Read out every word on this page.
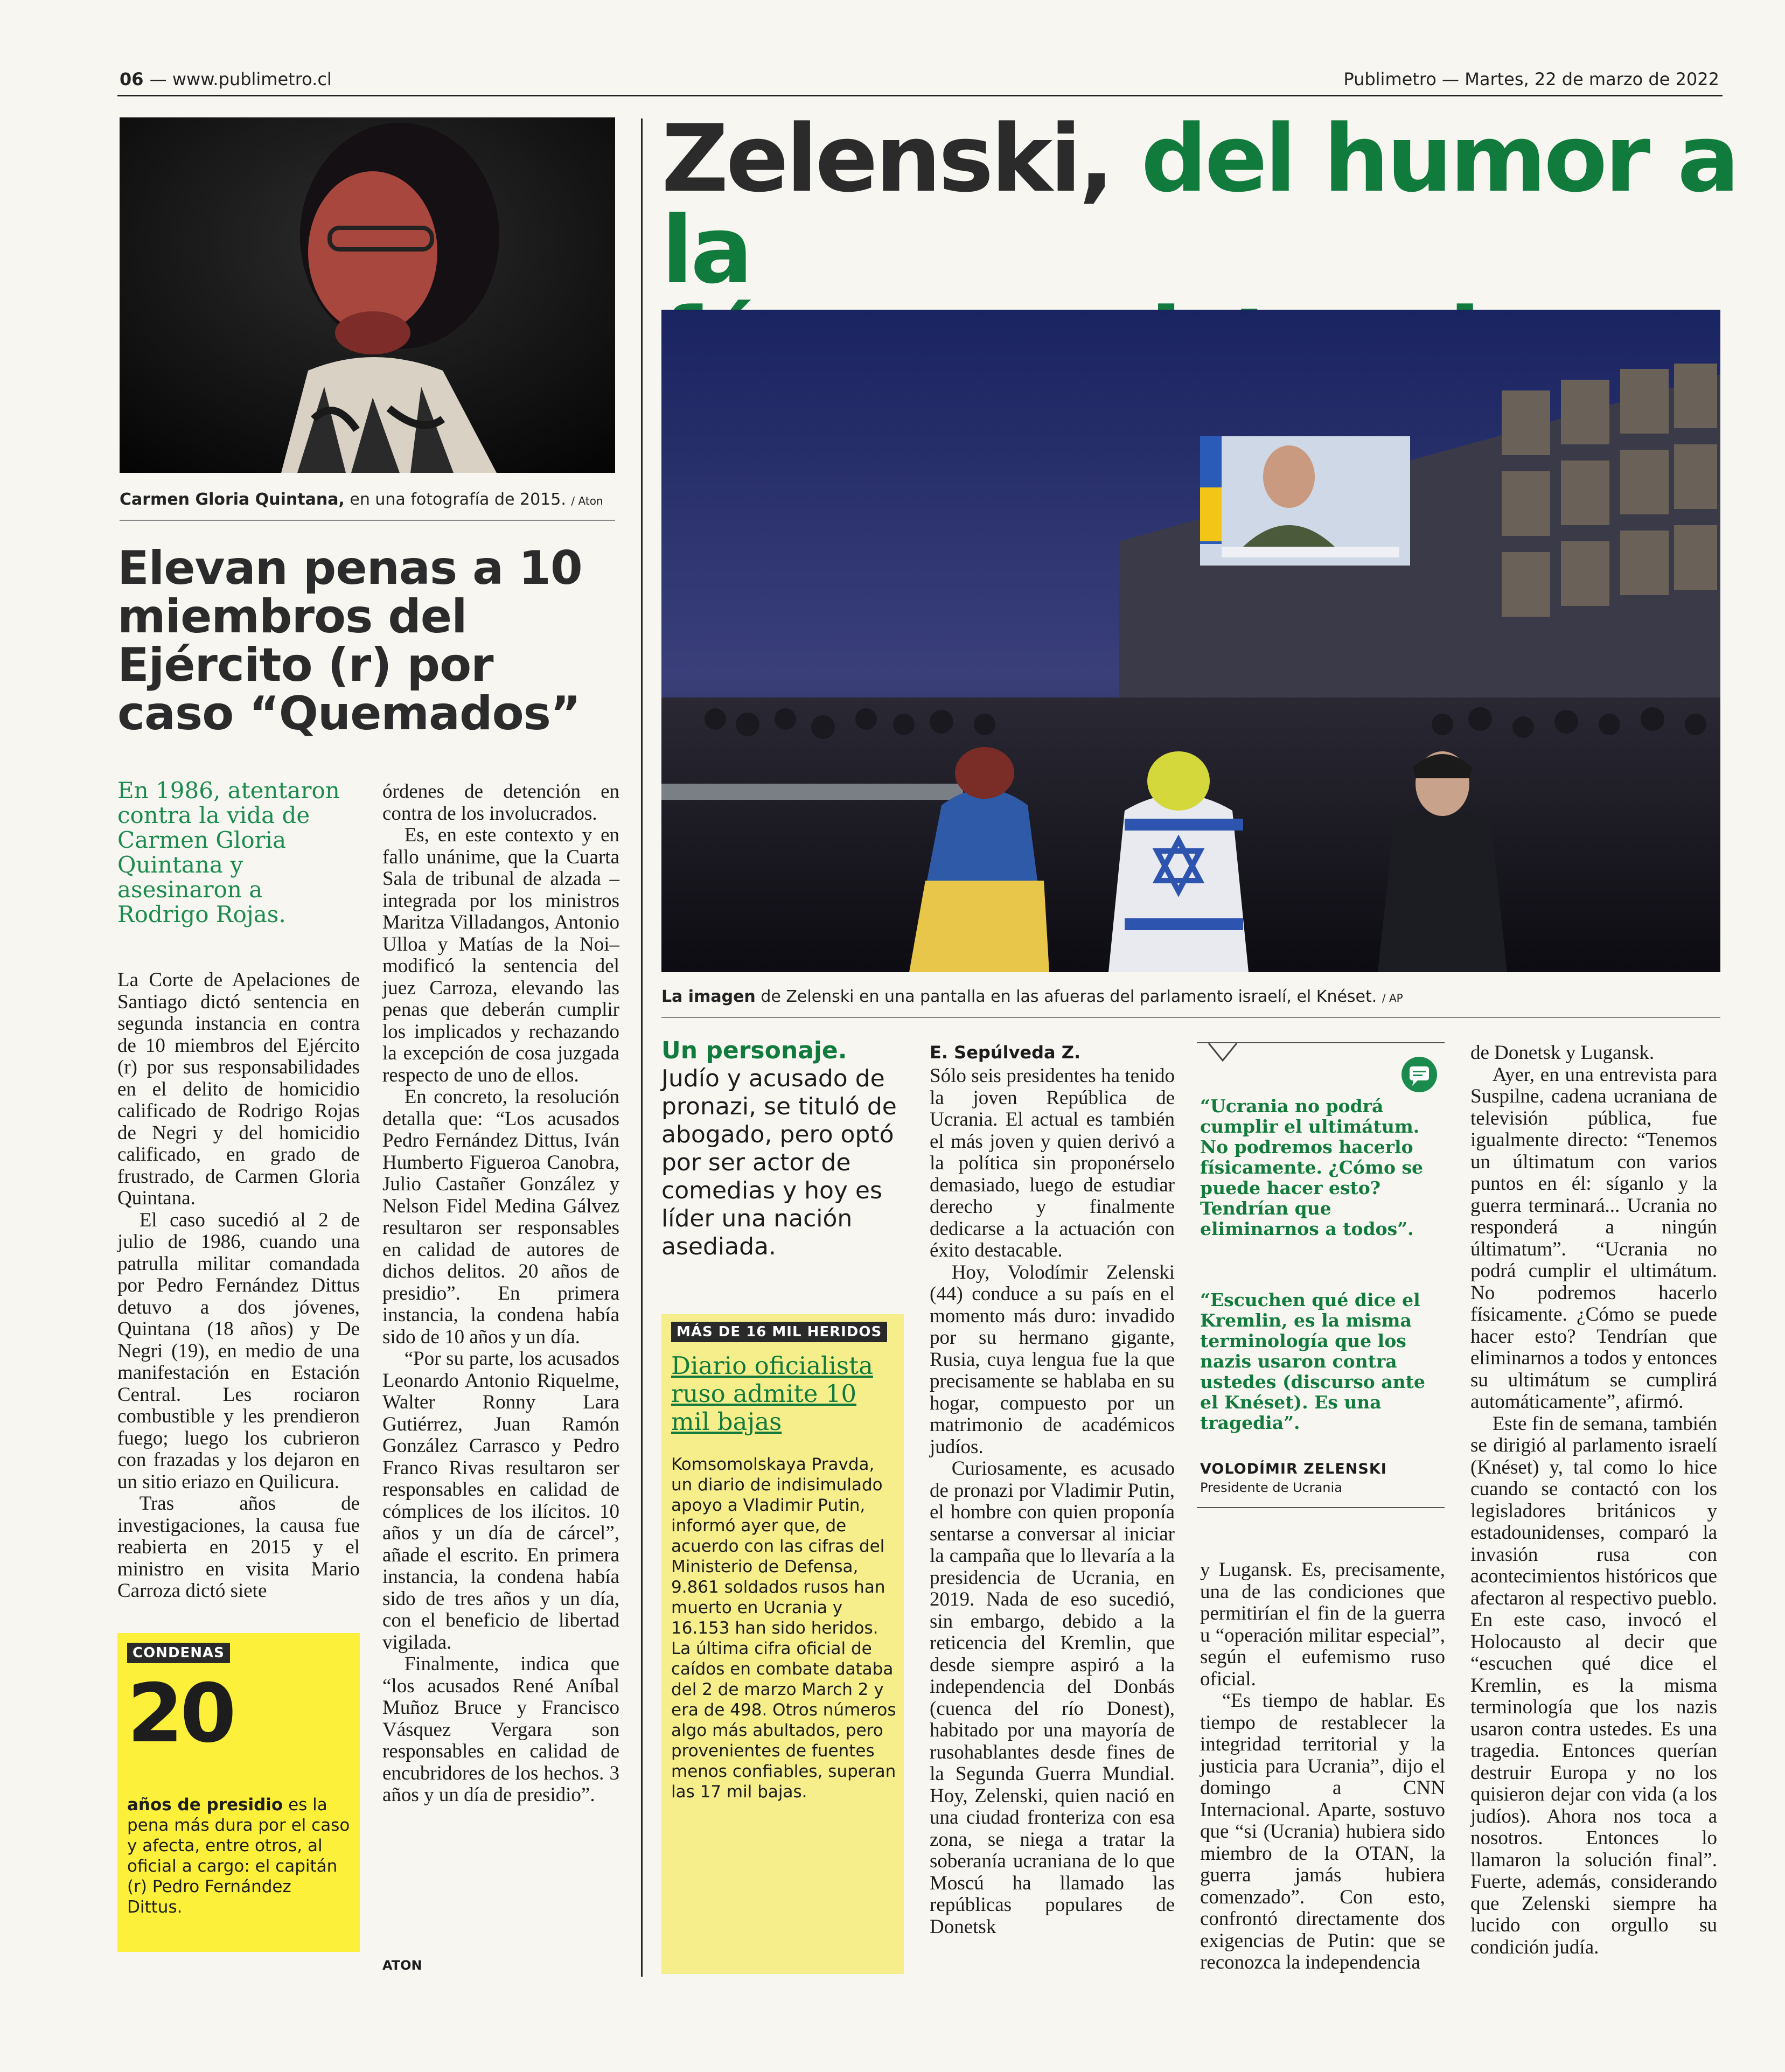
06 — www.publimetro.cl	Publimetro — Martes, 22 de marzo de 2022
Carmen Gloria Quintana, en una fotografía de 2015. / Aton
Elevan penas a 10 miembros del Ejército (r) por caso “Quemados”
En 1986, atentaron contra la vida de Carmen Gloria Quintana y asesinaron a Rodrigo Rojas.

La Corte de Apelaciones de Santiago dictó sentencia en segunda instancia en contra de 10 miembros del Ejército (r) por sus responsabilidades en el delito de homicidio calificado de Rodrigo Rojas de Negri y del homicidio calificado, en grado de frustrado, de Carmen Gloria Quintana.

El caso sucedió al 2 de julio de 1986, cuando una patrulla militar comandada por Pedro Fernández Dittus detuvo a dos jóvenes, Quintana (18 años) y De Negri (19), en medio de una manifestación en Estación Central. Les rociaron combustible y les prendieron fuego; luego los cubrieron con frazadas y los dejaron en un sitio eriazo en Quilicura.

Tras años de investigaciones, la causa fue reabierta en 2015 y el ministro en visita Mario Carroza dictó siete

CONDENAS
20
años de presidio es la pena más dura por el caso y afecta, entre otros, al oficial a cargo: el capitán (r) Pedro Fernández Dittus.

órdenes de detención en contra de los involucrados.

Es, en este contexto y en fallo unánime, que la Cuarta Sala de tribunal de alzada –integrada por los ministros Maritza Villadangos, Antonio Ulloa y Matías de la Noi– modificó la sentencia del juez Carroza, elevando las penas que deberán cumplir los implicados y rechazando la excepción de cosa juzgada respecto de uno de ellos.

En concreto, la resolución detalla que: “Los acusados Pedro Fernández Dittus, Iván Humberto Figueroa Canobra, Julio Castañer González y Nelson Fidel Medina Gálvez resultaron ser responsables en calidad de autores de dichos delitos. 20 años de presidio”. En primera instancia, la condena había sido de 10 años y un día.

“Por su parte, los acusados Leonardo Antonio Riquelme, Walter Ronny Lara Gutiérrez, Juan Ramón González Carrasco y Pedro Franco Rivas resultaron ser responsables en calidad de cómplices de los ilícitos. 10 años y un día de cárcel”, añade el escrito. En primera instancia, la condena había sido de tres años y un día, con el beneficio de libertad vigilada.

Finalmente, indica que “los acusados René Aníbal Muñoz Bruce y Francisco Vásquez Vergara son responsables en calidad de encubridores de los hechos. 3 años y un día de presidio”.

ATON
Zelenski, del humor a la

La imagen de Zelenski en una pantalla en las afueras del parlamento israelí, el Knéset. / AP
Un personaje. Judío y acusado de pronazi, se tituló de abogado, pero optó por ser actor de comedias y hoy es líder una nación asediada.
MÁS DE 16 MIL HERIDOS
Diario oficialista ruso admite 10 mil bajas
Komsomolskaya Pravda, un diario de indisimulado apoyo a Vladimir Putin, informó ayer que, de acuerdo con las cifras del Ministerio de Defensa, 9.861 soldados rusos han muerto en Ucrania y 16.153 han sido heridos.
La última cifra oficial de caídos en combate databa del 2 de marzo March 2 y era de 498. Otros números algo más abultados, pero provenientes de fuentes menos confiables, superan las 17 mil bajas.
E. Sepúlveda Z.

Sólo seis presidentes ha tenido la joven República de Ucrania. El actual es también el más joven y quien derivó a la política sin proponérselo demasiado, luego de estudiar derecho y finalmente dedicarse a la actuación con éxito destacable.

Hoy, Volodímir Zelenski (44) conduce a su país en el momento más duro: invadido por su hermano gigante, Rusia, cuya lengua fue la que precisamente se hablaba en su hogar, compuesto por un matrimonio de académicos judíos.

Curiosamente, es acusado de pronazi por Vladimir Putin, el hombre con quien proponía sentarse a conversar al iniciar la campaña que lo llevaría a la presidencia de Ucrania, en 2019. Nada de eso sucedió, sin embargo, debido a la reticencia del Kremlin, que desde siempre aspiró a la independencia del Donbás (cuenca del río Donest), habitado por una mayoría de rusohablantes desde fines de la Segunda Guerra Mundial. Hoy, Zelenski, quien nació en una ciudad fronteriza con esa zona, se niega a tratar la soberanía ucraniana de lo que Moscú ha llamado las repúblicas populares de Donetsk

“Ucrania no podrá cumplir el ultimátum. No podremos hacerlo físicamente. ¿Cómo se puede hacer esto? Tendrían que eliminarnos a todos”.
“Escuchen qué dice el Kremlin, es la misma terminología que los nazis usaron contra ustedes (discurso ante el Knéset). Es una tragedia”.
VOLODÍMIR ZELENSKI
Presidente de Ucrania

y Lugansk. Es, precisamente, una de las condiciones que permitirían el fin de la guerra u “operación militar especial”, según el eufemismo ruso oficial.

“Es tiempo de hablar. Es tiempo de restablecer la integridad territorial y la justicia para Ucrania”, dijo el domingo a CNN Internacional. Aparte, sostuvo que “si (Ucrania) hubiera sido miembro de la OTAN, la guerra jamás hubiera comenzado”. Con esto, confrontó directamente dos exigencias de Putin: que se reconozca la independencia

de Donetsk y Lugansk.

Ayer, en una entrevista para Suspilne, cadena ucraniana de televisión pública, fue igualmente directo: “Tenemos un últimatum con varios puntos en él: síganlo y la guerra terminará... Ucrania no responderá a ningún últimatum”. “Ucrania no podrá cumplir el ultimátum. No podremos hacerlo físicamente. ¿Cómo se puede hacer esto? Tendrían que eliminarnos a todos y entonces su ultimátum se cumplirá automáticamente”, afirmó.

Este fin de semana, también se dirigió al parlamento israelí (Knéset) y, tal como lo hice cuando se contactó con los legisladores británicos y estadounidenses, comparó la invasión rusa con acontecimientos históricos que afectaron al respectivo pueblo. En este caso, invocó el Holocausto al decir que “escuchen qué dice el Kremlin, es la misma terminología que los nazis usaron contra ustedes. Es una tragedia. Entonces querían destruir Europa y no los quisieron dejar con vida (a los judíos). Ahora nos toca a nosotros. Entonces lo llamaron la solución final”. Fuerte, además, considerando que Zelenski siempre ha lucido con orgullo su condición judía.
